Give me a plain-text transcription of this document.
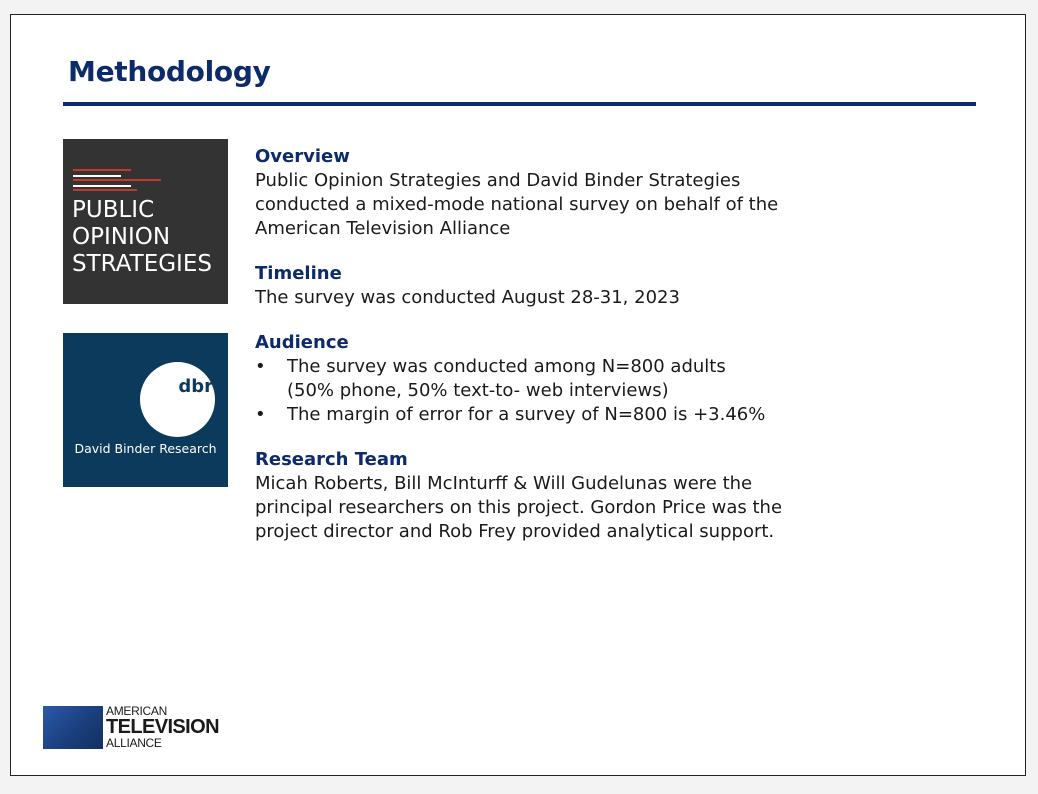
Methodology
PUBLIC
OPINION
STRATEGIES
dbr
David Binder Research
Overview
Public Opinion Strategies and David Binder Strategies
conducted a mixed-mode national survey on behalf of the
American Television Alliance
Timeline
The survey was conducted August 28-31, 2023
Audience
• The survey was conducted among N=800 adults
(50% phone, 50% text-to- web interviews)
• The margin of error for a survey of N=800 is +3.46%
Research Team
Micah Roberts, Bill McInturff & Will Gudelunas were the
principal researchers on this project. Gordon Price was the
project director and Rob Frey provided analytical support.
AMERICAN
TELEVISION
ALLIANCE
